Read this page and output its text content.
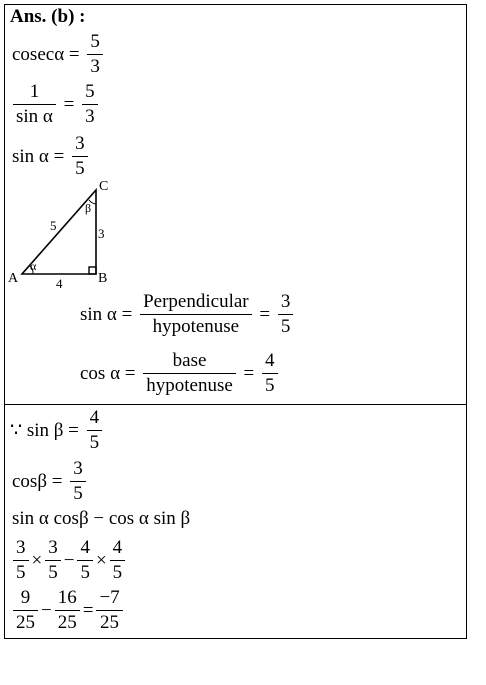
Ans. (b) :
$cosec\alpha = \frac{5}{3}$
$\frac{1}{\text{sin α}} = \frac{5}{3}$
$\sin \alpha = \frac{3}{5}$
A	B
C
5
3
4
α
β
$\sin \alpha = \frac{\text{Perpendicular}}{\text{hypotenuse}} = \frac{3}{5}$
$\cos \alpha = \frac{\text{base}}{\text{hypotenuse}} = \frac{4}{5}$
∵ $\sin \beta = \frac{4}{5}$
$\cos\beta = \frac{3}{5}$
sin α cosβ − cos α sin β
$\frac{3}{5} \times \frac{3}{5} - \frac{4}{5} \times \frac{4}{5}$
$\frac{9}{25} - \frac{16}{25} = \frac{-7}{25}$
